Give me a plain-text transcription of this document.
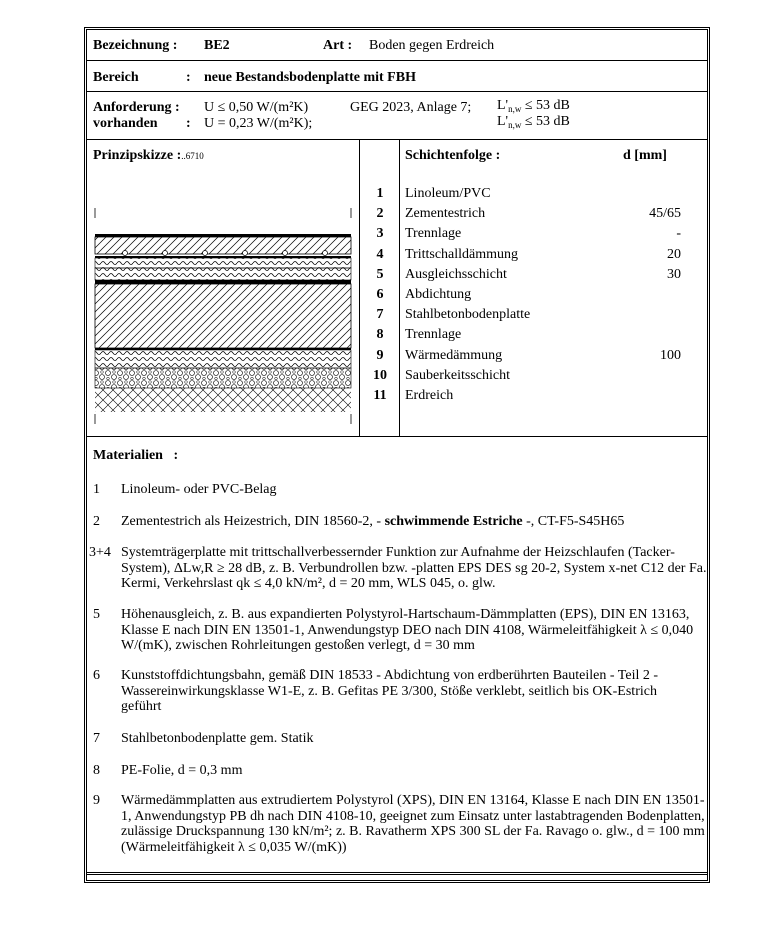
Bezeichnung : BE2	Art : Boden gegen Erdreich
Bereich	: neue Bestandsbodenplatte mit FBH
Anforderung : U ≤ 0,50 W/(m²K)	GEG 2023, Anlage 7; $L'_{n,w} \le 53$ dB
vorhanden : U = 0,23 W/(m²K);	$L'_{n,w} \le 53$ dB
Prinzipskizze :..6710	Schichtenfolge :	d [mm]
Materialien :
1 Linoleum- oder PVC-Belag
2 Zementestrich als Heizestrich, DIN 18560-2, - schwimmende Estriche -, CT-F5-S45H65
3+4 Systemträgerplatte mit trittschallverbessernder Funktion zur Aufnahme der Heizschlaufen (Tacker-System), ΔLw,R ≥ 28 dB, z. B. Verbundrollen bzw. -platten EPS DES sg 20-2, System x-net C12 der Fa. Kermi, Verkehrslast qk ≤ 4,0 kN/m², d = 20 mm, WLS 045, o. glw.
5 Höhenausgleich, z. B. aus expandierten Polystyrol-Hartschaum-Dämmplatten (EPS), DIN EN 13163, Klasse E nach DIN EN 13501-1, Anwendungstyp DEO nach DIN 4108, Wärmeleitfähigkeit λ ≤ 0,040 W/(mK), zwischen Rohrleitungen gestoßen verlegt, d = 30 mm
6 Kunststoffdichtungsbahn, gemäß DIN 18533 - Abdichtung von erdberührten Bauteilen - Teil 2 - Wassereinwirkungsklasse W1-E, z. B. Gefitas PE 3/300, Stöße verklebt, seitlich bis OK-Estrich geführt
7 Stahlbetonbodenplatte gem. Statik
8 PE-Folie, d = 0,3 mm
9 Wärmedämmplatten aus extrudiertem Polystyrol (XPS), DIN EN 13164, Klasse E nach DIN EN 13501-1, Anwendungstyp PB dh nach DIN 4108-10, geeignet zum Einsatz unter lastabtragenden Bodenplatten, zulässige Druckspannung 130 kN/m²; z. B. Ravatherm XPS 300 SL der Fa. Ravago o. glw., d = 100 mm (Wärmeleitfähigkeit λ ≤ 0,035 W/(mK))
1	Linoleum/PVC
2	Zementestrich	45/65
3	Trennlage	-
4	Trittschalldämmung	20
5	Ausgleichsschicht	30
6	Abdichtung
7	Stahlbetonbodenplatte
8	Trennlage
9	Wärmedämmung	100
10	Sauberkeitsschicht
11	Erdreich
